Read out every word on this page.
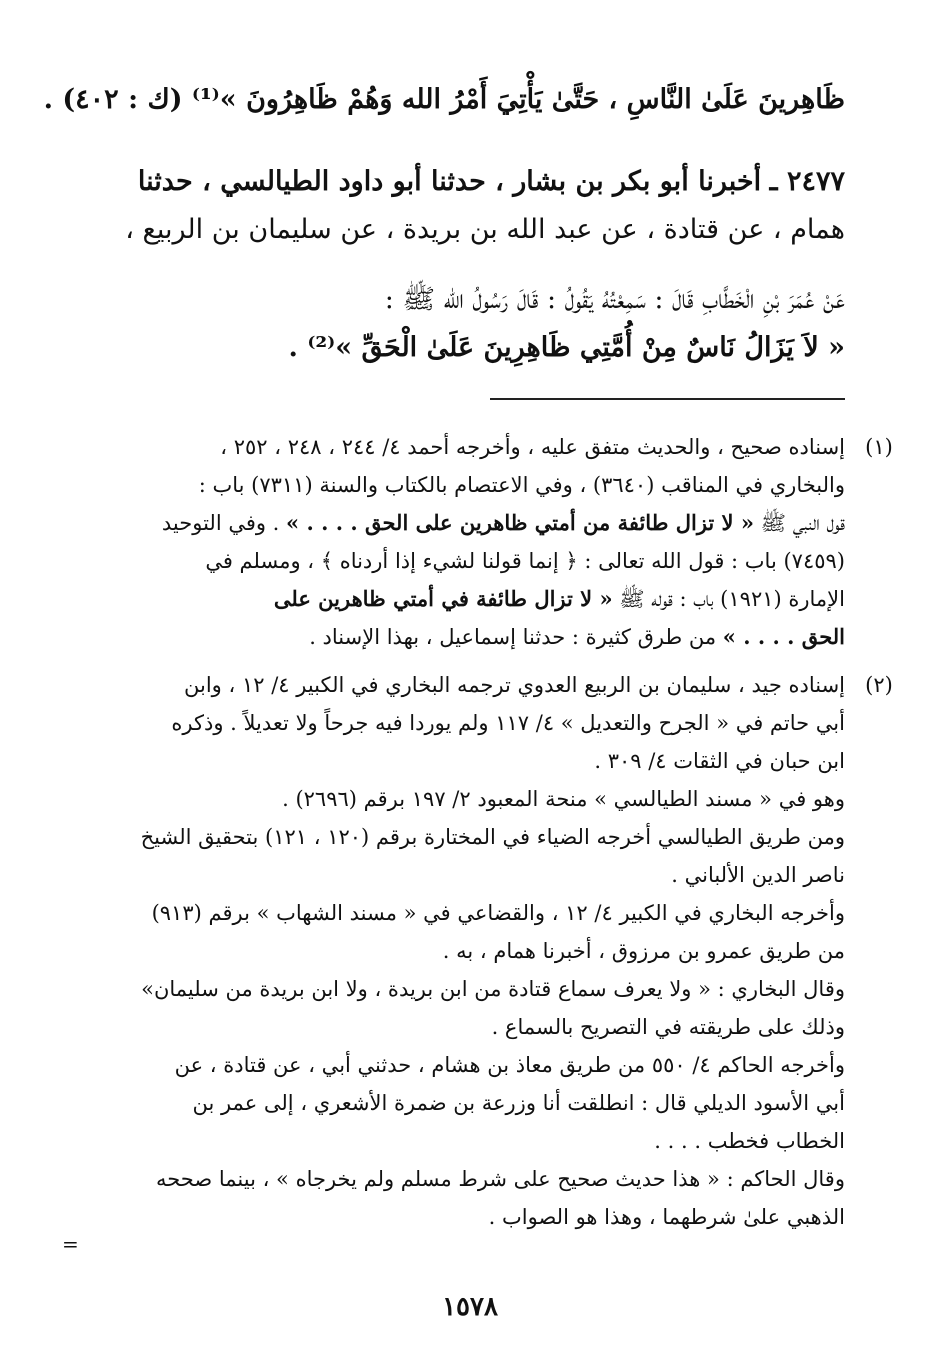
ظَاهِرينَ عَلَىٰ النَّاسِ ، حَتَّىٰ يَأْتِيَ أَمْرُ الله وَهُمْ ظَاهِرُونَ »⁽¹⁾ (ك : ٤٠٢) .
٢٤٧٧ ـ أخبرنا أبو بكر بن بشار ، حدثنا أبو داود الطيالسي ، حدثنا
همام ، عن قتادة ، عن عبد الله بن بريدة ، عن سليمان بن الربيع ،
عَنْ عُمَرَ بْنِ الْخَطَّابِ قَالَ : سَمِعْتُهُ يَقُولُ : قَالَ رَسُولُ الله ﷺ :
« لاَ يَزَالُ نَاسٌ مِنْ أُمَّتِي ظَاهِرِينَ عَلَىٰ الْحَقِّ »⁽²⁾ .
(١)
إسناده صحيح ، والحديث متفق عليه ، وأخرجه أحمد ٤/ ٢٤٤ ، ٢٤٨ ، ٢٥٢ ،
والبخاري في المناقب (٣٦٤٠) ، وفي الاعتصام بالكتاب والسنة (٧٣١١) باب :
قول النبي ﷺ « لا تزال طائفة من أمتي ظاهرين على الحق . . . . » . وفي التوحيد
(٧٤٥٩) باب : قول الله تعالى : ﴿ إنما قولنا لشيء إذا أردناه ﴾ ، ومسلم في
الإمارة (١٩٢١) باب : قوله ﷺ « لا تزال طائفة في أمتي ظاهرين على
الحق . . . . » من طرق كثيرة : حدثنا إسماعيل ، بهذا الإسناد .
(٢)
إسناده جيد ، سليمان بن الربيع العدوي ترجمه البخاري في الكبير ٤/ ١٢ ، وابن
أبي حاتم في « الجرح والتعديل » ٤/ ١١٧ ولم يوردا فيه جرحاً ولا تعديلاً . وذكره
ابن حبان في الثقات ٤/ ٣٠٩ .
وهو في « مسند الطيالسي » منحة المعبود ٢/ ١٩٧ برقم (٢٦٩٦) .
ومن طريق الطيالسي أخرجه الضياء في المختارة برقم (١٢٠ ، ١٢١) بتحقيق الشيخ
ناصر الدين الألباني .
وأخرجه البخاري في الكبير ٤/ ١٢ ، والقضاعي في « مسند الشهاب » برقم (٩١٣)
من طريق عمرو بن مرزوق ، أخبرنا همام ، به .
وقال البخاري : « ولا يعرف سماع قتادة من ابن بريدة ، ولا ابن بريدة من سليمان»
وذلك على طريقته في التصريح بالسماع .
وأخرجه الحاكم ٤/ ٥٥٠ من طريق معاذ بن هشام ، حدثني أبي ، عن قتادة ، عن
أبي الأسود الديلي قال : انطلقت أنا وزرعة بن ضمرة الأشعري ، إلى عمر بن
الخطاب فخطب . . . .
وقال الحاكم : « هذا حديث صحيح على شرط مسلم ولم يخرجاه » ، بينما صححه
الذهبي علىٰ شرطهما ، وهذا هو الصواب .
=
١٥٧٨
